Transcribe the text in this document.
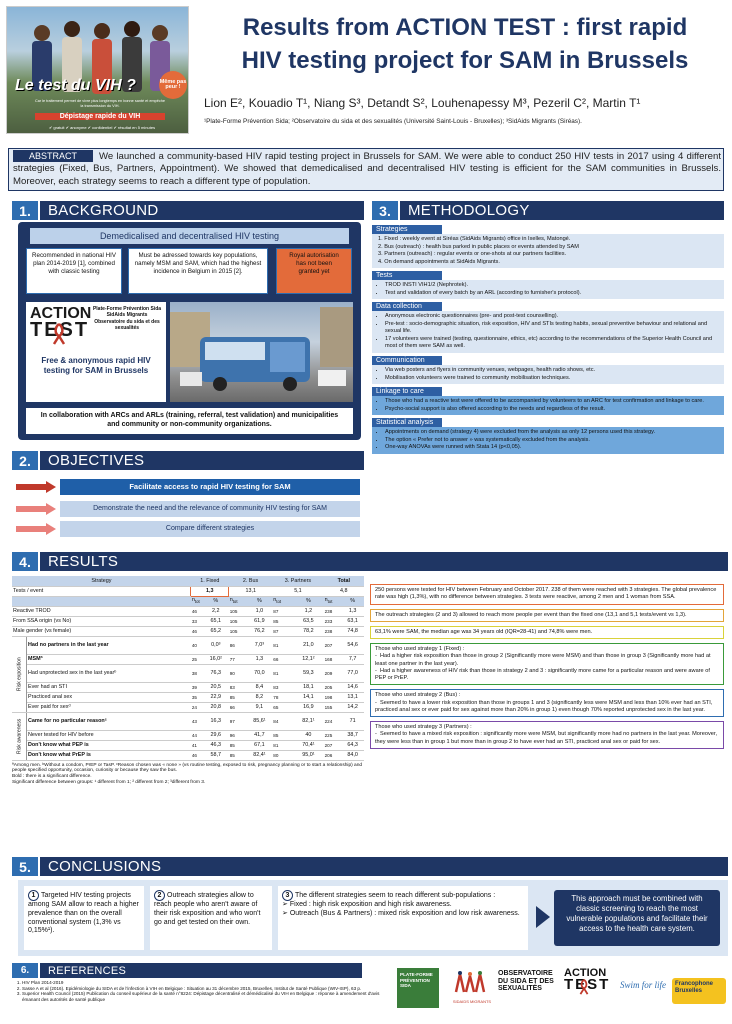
Le test du VIH ?	Même pas peur !
Car le traitement permet de vivre plus longtemps en bonne santé et empêche la transmission du VIH.
Dépistage rapide du VIH
✔ gratuit ✔ anonyme ✔ confidentiel ✔ résultat en 5 minutes
Results from ACTION TEST : first rapid
HIV testing project for SAM in Brussels
Lion E², Kouadio T¹, Niang S³, Detandt S², Louhenapessy M³, Pezeril C², Martin T¹
¹Plate-Forme Prévention Sida; ²Observatoire du sida et des sexualités (Université Saint-Louis - Bruxelles); ³SidAids Migrants (Siréas).
ABSTRACT	We launched a community-based HIV rapid testing project in Brussels for SAM. We were able to conduct 250 HIV tests in 2017 using 4 different strategies (Fixed, Bus, Partners, Appointment). We showed that demedicalised and decentralised HIV testing is efficient for the SAM communities in Brussels. Moreover, each strategy seems to reach a different type of population.
1.	BACKGROUND
Demedicalised and decentralised HIV testing
Recommended in national HIV plan 2014-2019 [1], combined with classic testing
Must be adressed towards key populations, namely MSM and SAM, which had the highest incidence in Belgium in 2015 [2].
Royal autorisation has not been granted yet
ACTION
TEST
Plate-Forme Prévention Sida SidAids Migrants Observatoire du sida et des sexualités
Free & anonymous rapid HIV testing for SAM in Brussels
In collaboration with ARCs and ARLs (training, referral, test validation) and municipalities and community or non-community organizations.
2.	OBJECTIVES
Facilitate access to rapid HIV testing for SAM
Demonstrate the need and the relevance of community HIV testing for SAM
Compare different strategies
3.	METHODOLOGY
Strategies
1. Fixed : weekly event at Siréas (SidAids Migrants) office in Ixelles, Matongé.
2. Bus (outreach) : health bus parked in public places or events attended by SAM
3. Partners (outreach) : regular events or one-shots at our partners facilities.
4. On demand appointments at SidAids Migrants.
Tests
• TROD INSTI VIH1/2 (Nephrotek).
• Test and validation of every batch by an ARL (according to furnisher's protocol).
Data collection
• Anonymous electronic questionnaires (pre- and post-test counselling).
• Pre-test : socio-demographic situation, risk exposition, HIV and STIs testing habits, sexual preventive behaviour and relational and sexual life.
• 17 volunteers were trained (testing, questionnaire, ethics, etc) according to the recommendations of the Superior Health Council and most of them were SAM as well.
Communication
• Via web posters and flyers in community venues, webpages, health radio shows, etc.
• Mobilisation volunteers were trained to community mobilisation techniques.
Linkage to care
• Those who had a reactive test were offered to be accompanied by volunteers to an ARC for test confirmation and linkage to care.
• Psycho-social support is also offered according to the needs and regardless of the result.
Statistical analysis
• Appointments on demand (strategy 4) were excluded from the analysis as only 12 persons used this strategy.
• The option « Prefer not to answer » was systematically excluded from the analysis.
• One-way ANOVAs were runned with Stata 14 (p<0,05).
4.	RESULTS
Strategy		1. Fixed		2. Bus		3. Partners		Total	
Tests / event		1,3		13,1		5,1		4,8	
		$n_{tot}$	%	$n_{tot}$	%	$n_{tot}$	%	$n_{tot}$	%
Reactive TROD		46	2,2	105	1,0	87	1,2	238	1,3
From SSA origin (vs No)		33	65,1	105	61,9	85	63,5	233	63,1
Male gender (vs female)		46	65,2	105	76,2	87	78,2	238	74,8
Risk exposition	Had no partners in the last year	40	0,0³	86	7,0³	81	21,0	207	54,6
	MSMª	25	16,0²	77	1,3	66	12,1²	168	7,7
	Had unprotected sex in the last yearᵇ	38	76,3	90	70,0	81	59,3	209	77,0
	Ever had an STI	39	20,5	83	8,4	83	18,1	205	14,6
	Practiced anal sex	35	22,9	85	8,2	78	14,1	198	13,1
	Ever paid for sexᵈ	24	20,8	66	9,1	65	16,9	155	14,2
Risk awareness	Came for no particular reasonᶜ	43	16,3	97	85,6¹	84	82,1¹	224	71
	Never tested for HIV before	44	29,6	96	41,7	85	40	225	38,7
	Don't know what PEP is	41	46,3	85	67,1	81	70,4¹	207	64,3
	Don't know what PrEP is	46	58,7	85	82,4¹	80	95,0¹	206	84,0
ªAmong men. ᵇWithout a condom, PrEP or TasP. ᶜReason chosen was « none » (vs routine testing, exposed to risk, pregnancy planning or to start a relationship) and people specified opportunity, occasion, curiosity or because they saw the bus.
Bold : there is a significant difference.
Significant difference between groups: ¹ different from 1; ² different from 2; ³different from 3.
250 persons were tested for HIV between February and October 2017. 238 of them were reached with 3 strategies. The global prevalence rate was high (1,3%), with no difference between strategies. 3 tests were reactive, among 2 men and 1 woman from SSA.
The outreach strategies (2 and 3) allowed to reach more people per event than the fixed one (13,1 and 5,1 tests/event vs 1,3).
63,1% were SAM, the median age was 34 years old (IQR=28-41) and 74,8% were men.
Those who used strategy 1 (Fixed) :
-  Had a higher risk exposition than those in group 2 (Significantly more were MSM) and than those in group 3 (Significantly more had at least one partner in the last year).
-  Had a higher awareness of HIV risk than those in strategy 2 and 3 : significantly more came for a particular reason and were aware of PEP or PrEP.
Those who used strategy 2 (Bus) :
-  Seemed to have a lower risk exposition than those in groups 1 and 3 (significantly less were MSM and less than 10% ever had an STI, practiced anal sex or ever paid for sex against more than 20% in group 1) even though 70% reported unprotected sex in the last year.
Those who used strategy 3 (Partners) :
-  Seemed to have a mixed risk exposition : significantly more were MSM, but significantly more had no partners in the last year. Moreover, they were less than in group 1 but more than in group 2 to have ever had an STI, practiced anal sex or paid for sex.
5.	CONCLUSIONS
1 Targeted HIV testing projects among SAM allow to reach a higher prevalence than on the overall conventional system (1,3% vs 0,15%¹).
2 Outreach strategies allow to reach people who aren't aware of their risk exposition and who won't go and get tested on their own.
3 The different strategies seem to reach different sub-populations :
➢ Fixed : high risk exposition and high risk awareness.
➢ Outreach (Bus & Partners) : mixed risk exposition and low risk awareness.
This approach must be combined with classic screening to reach the most vulnerable populations and facilitate their access to the health care system.
6.	REFERENCES
1. HIV Plan 2014-2019
2. Sasse A et al (2016). Epidémiologie du SIDA et de l'infection à VIH en Belgique : Situation au 31 décembre 2015, Bruxelles, Institut de Santé Publique (WIV-ISP), 63 p.
3. Superior Health Council (2015) Publication du conseil supérieur de la santé n°8224: Dépistage décentralisé et démédicalisé du VIH en Belgique : réponse à amendement d'avis émanant des autorités de santé publique
PLATE-FORME PRÉVENTION SIDA
SIDAIDS MIGRANTS
OBSERVATOIRE DU SIDA ET DES SEXUALITÉS
ACTION
TEST Swim for life	Francophone Bruxelles
